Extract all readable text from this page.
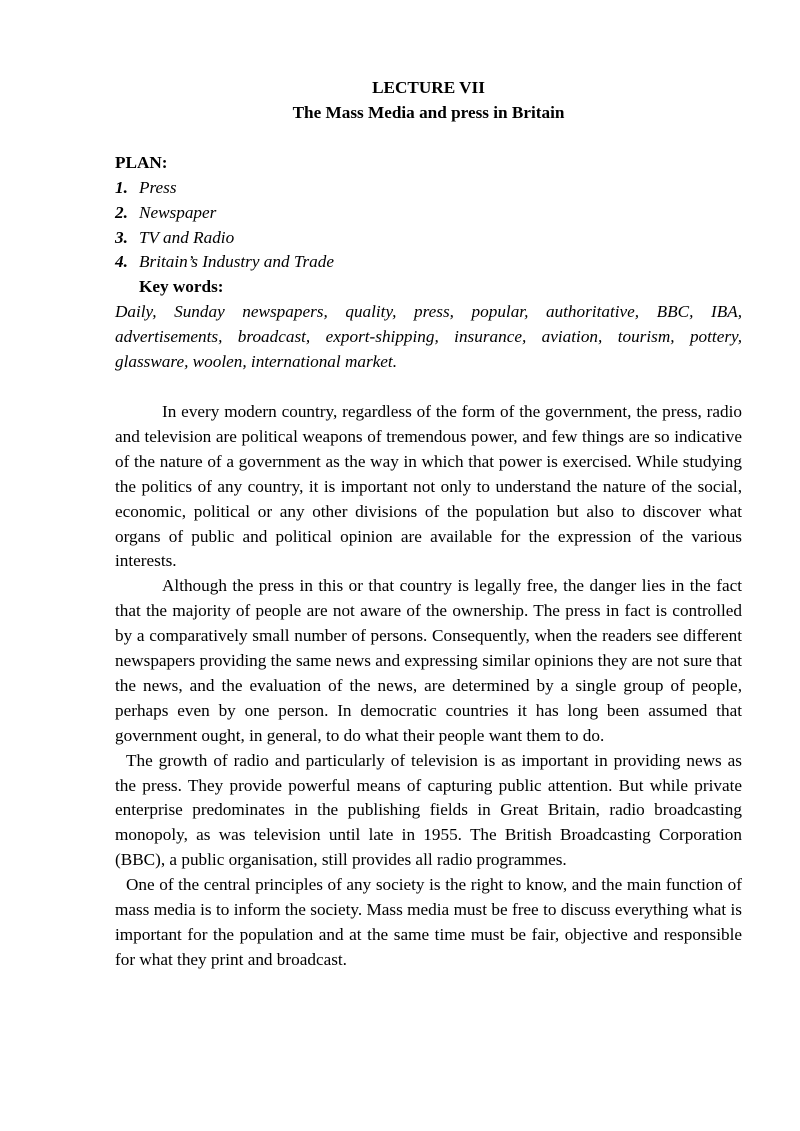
LECTURE VII

The Mass Media and press in Britain

PLAN:

1. Press
2. Newspaper
3. TV and Radio
4. Britain’s Industry and Trade

Key words:

Daily, Sunday newspapers, quality, press, popular, authoritative, BBC, IBA, advertisements, broadcast, export-shipping, insurance, aviation, tourism, pottery, glassware, woolen, international market.

In every modern country, regardless of the form of the government, the press, radio and television are political weapons of tremendous power, and few things are so indicative of the nature of a government as the way in which that power is exercised. While studying the politics of any country, it is important not only to understand the nature of the social, economic, political or any other divisions of the population but also to discover what organs of public and political opinion are available for the expression of the various interests.

Although the press in this or that country is legally free, the danger lies in the fact that the majority of people are not aware of the ownership. The press in fact is controlled by a comparatively small number of persons. Consequently, when the readers see different newspapers providing the same news and expressing similar opinions they are not sure that the news, and the evaluation of the news, are determined by a single group of people, perhaps even by one person. In democratic countries it has long been assumed that government ought, in general, to do what their people want them to do.

The growth of radio and particularly of television is as important in providing news as the press. They provide powerful means of capturing public attention. But while private enterprise predominates in the publishing fields in Great Britain, radio broadcasting monopoly, as was television until late in 1955. The British Broadcasting Corporation (BBC), a public organisation, still provides all radio programmes.

One of the central principles of any society is the right to know, and the main function of mass media is to inform the society. Mass media must be free to discuss everything what is important for the population and at the same time must be fair, objective and responsible for what they print and broadcast.
